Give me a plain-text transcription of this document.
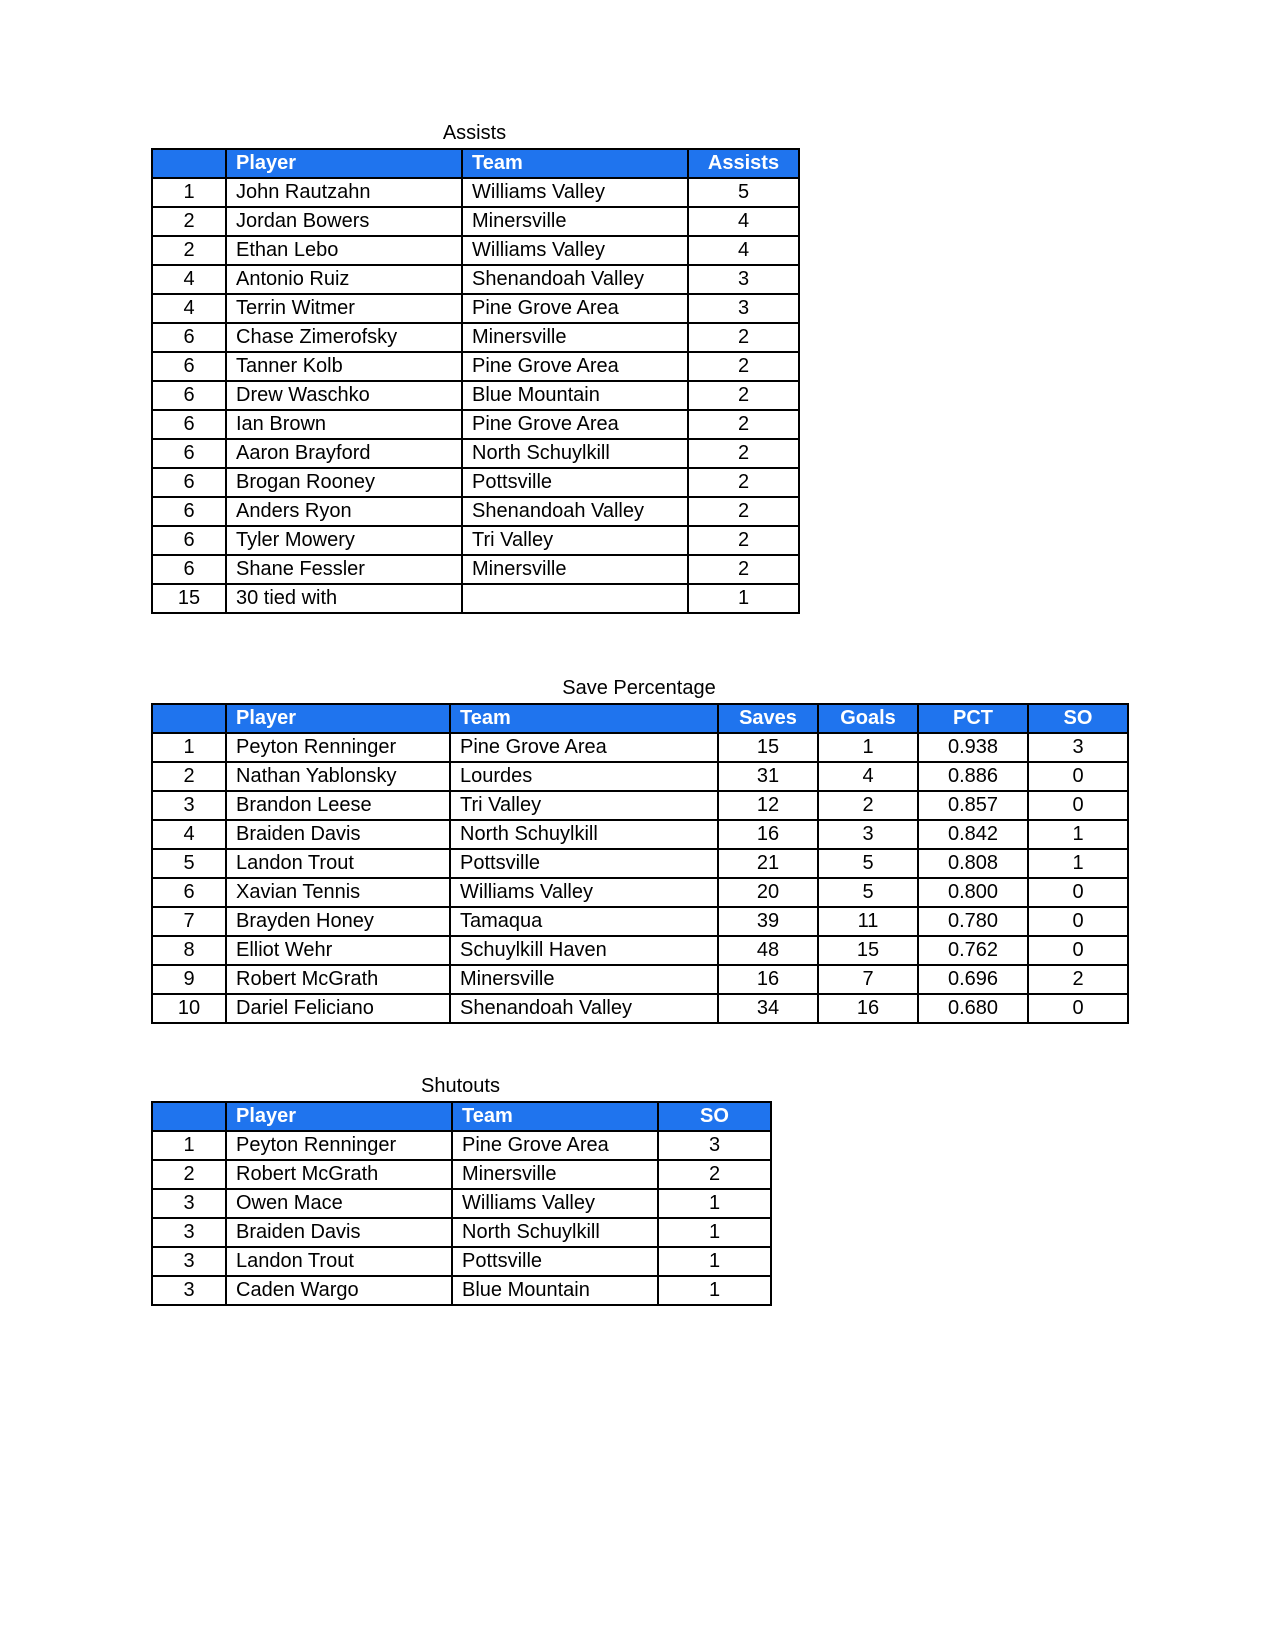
Assists
	Player	Team	Assists
1	John Rautzahn	Williams Valley	5
2	Jordan Bowers	Minersville	4
2	Ethan Lebo	Williams Valley	4
4	Antonio Ruiz	Shenandoah Valley	3
4	Terrin Witmer	Pine Grove Area	3
6	Chase Zimerofsky	Minersville	2
6	Tanner Kolb	Pine Grove Area	2
6	Drew Waschko	Blue Mountain	2
6	Ian Brown	Pine Grove Area	2
6	Aaron Brayford	North Schuylkill	2
6	Brogan Rooney	Pottsville	2
6	Anders Ryon	Shenandoah Valley	2
6	Tyler Mowery	Tri Valley	2
6	Shane Fessler	Minersville	2
15	30 tied with		1
Save Percentage
	Player	Team	Saves	Goals	PCT	SO
1	Peyton Renninger	Pine Grove Area	15	1	0.938	3
2	Nathan Yablonsky	Lourdes	31	4	0.886	0
3	Brandon Leese	Tri Valley	12	2	0.857	0
4	Braiden Davis	North Schuylkill	16	3	0.842	1
5	Landon Trout	Pottsville	21	5	0.808	1
6	Xavian Tennis	Williams Valley	20	5	0.800	0
7	Brayden Honey	Tamaqua	39	11	0.780	0
8	Elliot Wehr	Schuylkill Haven	48	15	0.762	0
9	Robert McGrath	Minersville	16	7	0.696	2
10	Dariel Feliciano	Shenandoah Valley	34	16	0.680	0
Shutouts
	Player	Team	SO
1	Peyton Renninger	Pine Grove Area	3
2	Robert McGrath	Minersville	2
3	Owen Mace	Williams Valley	1
3	Braiden Davis	North Schuylkill	1
3	Landon Trout	Pottsville	1
3	Caden Wargo	Blue Mountain	1
